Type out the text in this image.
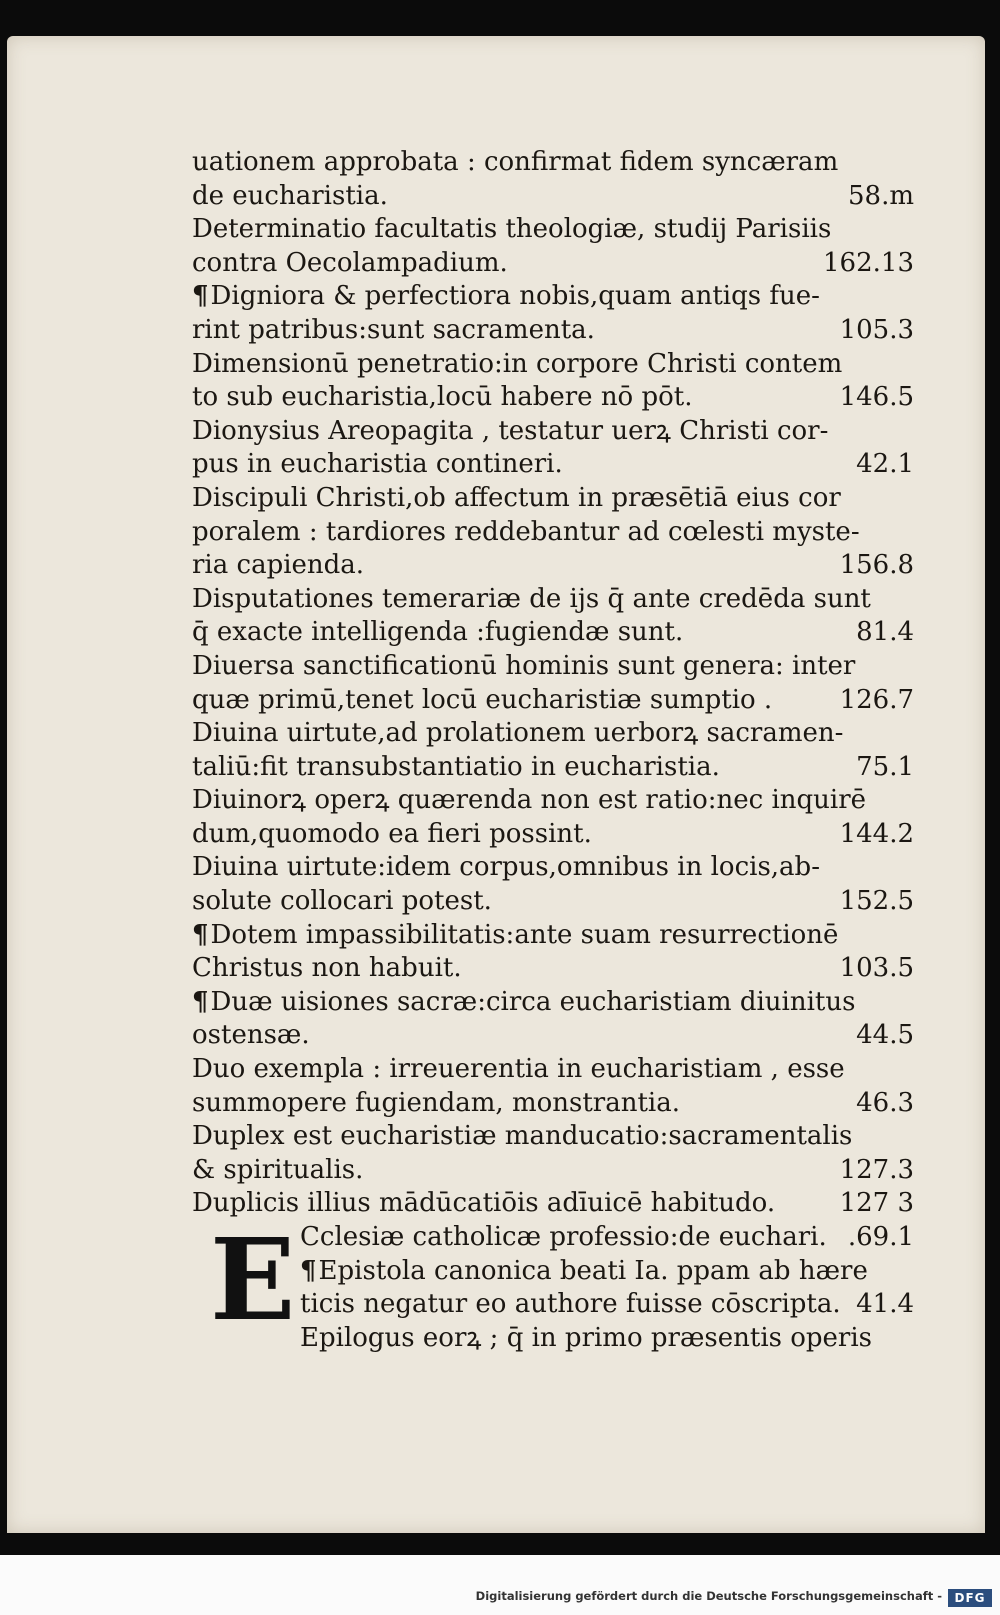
uationem approbata : confirmat fidem syncæram
de eucharistia.	58.m
Determinatio facultatis theologiæ, studij Parisiis
contra Oecolampadium.	162.13
¶Digniora & perfectiora nobis,quam antiqs fue-
rint patribus:sunt sacramenta.	105.3
Dimensionū penetratio:in corpore Christi contem
to sub eucharistia,locū habere nō pōt.	146.5
Dionysius Areopagita , testatur uerꝝ Christi cor-
pus in eucharistia contineri.	42.1
Discipuli Christi,ob affectum in præsētiā eius cor
poralem : tardiores reddebantur ad cœlesti myste-
ria capienda.	156.8
Disputationes temerariæ de ijs q̄ ante credēda sunt
q̄ exacte intelligenda :fugiendæ sunt.	81.4
Diuersa sanctificationū hominis sunt genera: inter
quæ primū,tenet locū eucharistiæ sumptio .	126.7
Diuina uirtute,ad prolationem uerborꝝ sacramen-
taliū:fit transubstantiatio in eucharistia.	75.1
Diuinorꝝ operꝝ quærenda non est ratio:nec inquirē
dum,quomodo ea fieri possint.	144.2
Diuina uirtute:idem corpus,omnibus in locis,ab-
solute collocari potest.	152.5
¶Dotem impassibilitatis:ante suam resurrectionē
Christus non habuit.	103.5
¶Duæ uisiones sacræ:circa eucharistiam diuinitus
ostensæ.	44.5
Duo exempla : irreuerentia in eucharistiam , esse
summopere fugiendam, monstrantia.	46.3
Duplex est eucharistiæ manducatio:sacramentalis
& spiritualis.	127.3
Duplicis illius mādūcatiōis adīuicē habitudo. 127 3
Cclesiæ catholicæ professio:de euchari. .69.1
¶Epistola canonica beati Ia. ppam ab hære
ticis negatur eo authore fuisse cōscripta. 41.4
Epilogus eorꝝ ; q̄ in primo præsentis operis
E
Digitalisierung gefördert durch die Deutsche Forschungsgemeinschaft -	DFG
